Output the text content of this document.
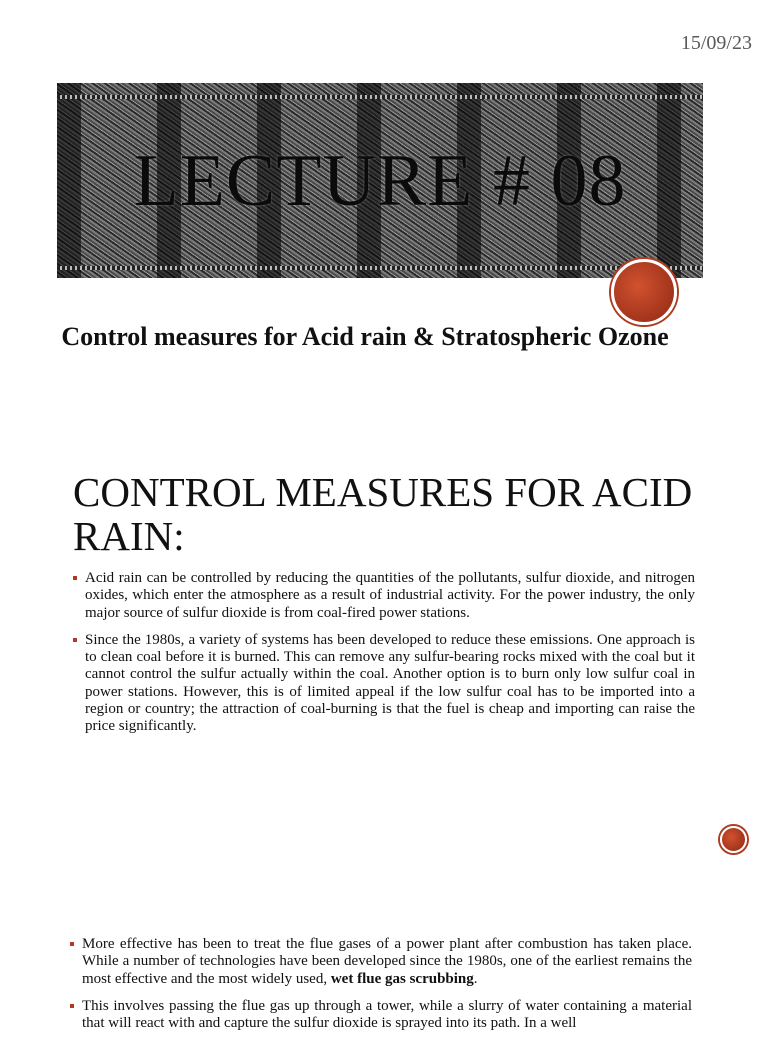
15/09/23
LECTURE # 08
Control measures for Acid rain & Stratospheric Ozone
CONTROL MEASURES FOR ACID RAIN:
Acid rain can be controlled by reducing the quantities of the pollutants, sulfur dioxide, and nitrogen oxides, which enter the atmosphere as a result of industrial activity. For the power industry, the only major source of sulfur dioxide is from coal-fired power stations.
Since the 1980s, a variety of systems has been developed to reduce these emissions. One approach is to clean coal before it is burned. This can remove any sulfur-bearing rocks mixed with the coal but it cannot control the sulfur actually within the coal. Another option is to burn only low sulfur coal in power stations. However, this is of limited appeal if the low sulfur coal has to be imported into a region or country; the attraction of coal-burning is that the fuel is cheap and importing can raise the price significantly.
More effective has been to treat the flue gases of a power plant after combustion has taken place. While a number of technologies have been developed since the 1980s, one of the earliest remains the most effective and the most widely used, wet flue gas scrubbing.
This involves passing the flue gas up through a tower, while a slurry of water containing a material that will react with and capture the sulfur dioxide is sprayed into its path. In a well
